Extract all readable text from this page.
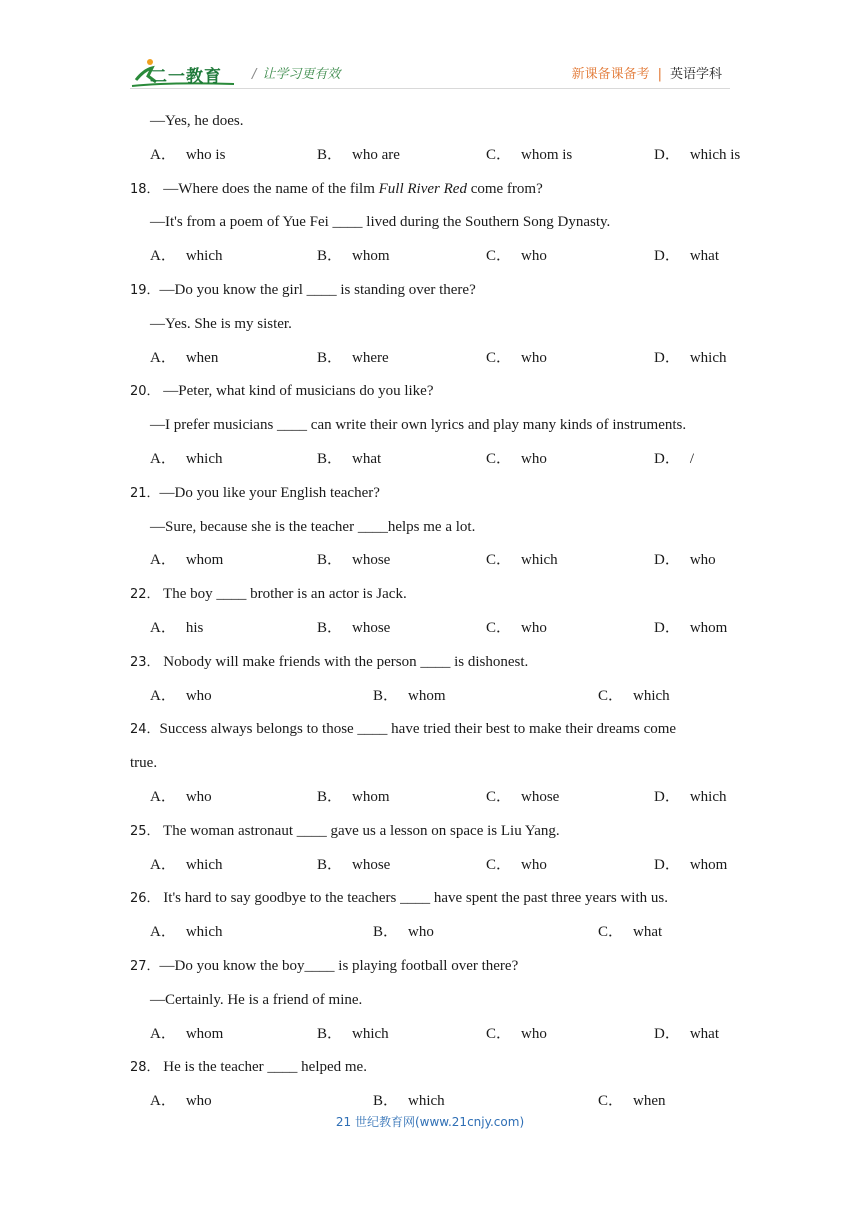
二一教育 / 让学习更有效	新课备课备考 | 英语学科
—Yes, he does.
A． who is	B． who are	C． whom is	D． which is
18． —Where does the name of the film Full River Red come from?
—It's from a poem of Yue Fei ____ lived during the Southern Song Dynasty.
A． which	B． whom	C． who	D． what
19．—Do you know the girl ____ is standing over there?
—Yes. She is my sister.
A． when	B． where	C． who	D． which
20． —Peter, what kind of musicians do you like?
—I prefer musicians ____ can write their own lyrics and play many kinds of instruments.
A． which	B． what	C． who	D． /
21．—Do you like your English teacher?
—Sure, because she is the teacher ____helps me a lot.
A． whom	B． whose	C． which	D． who
22． The boy ____ brother is an actor is Jack.
A． his	B． whose	C． who	D． whom
23． Nobody will make friends with the person ____ is dishonest.
A． who	B． whom	C． which
24．Success always belongs to those ____ have tried their best to make their dreams come
true.
A． who	B． whom	C． whose	D． which
25． The woman astronaut ____ gave us a lesson on space is Liu Yang.
A． which	B． whose	C． who	D． whom
26． It's hard to say goodbye to the teachers ____ have spent the past three years with us.
A． which	B． who	C． what
27．—Do you know the boy____ is playing football over there?
—Certainly. He is a friend of mine.
A． whom	B． which	C． who	D． what
28． He is the teacher ____ helped me.
A． who	B． which	C． when
21 世纪教育网(www.21cnjy.com)
